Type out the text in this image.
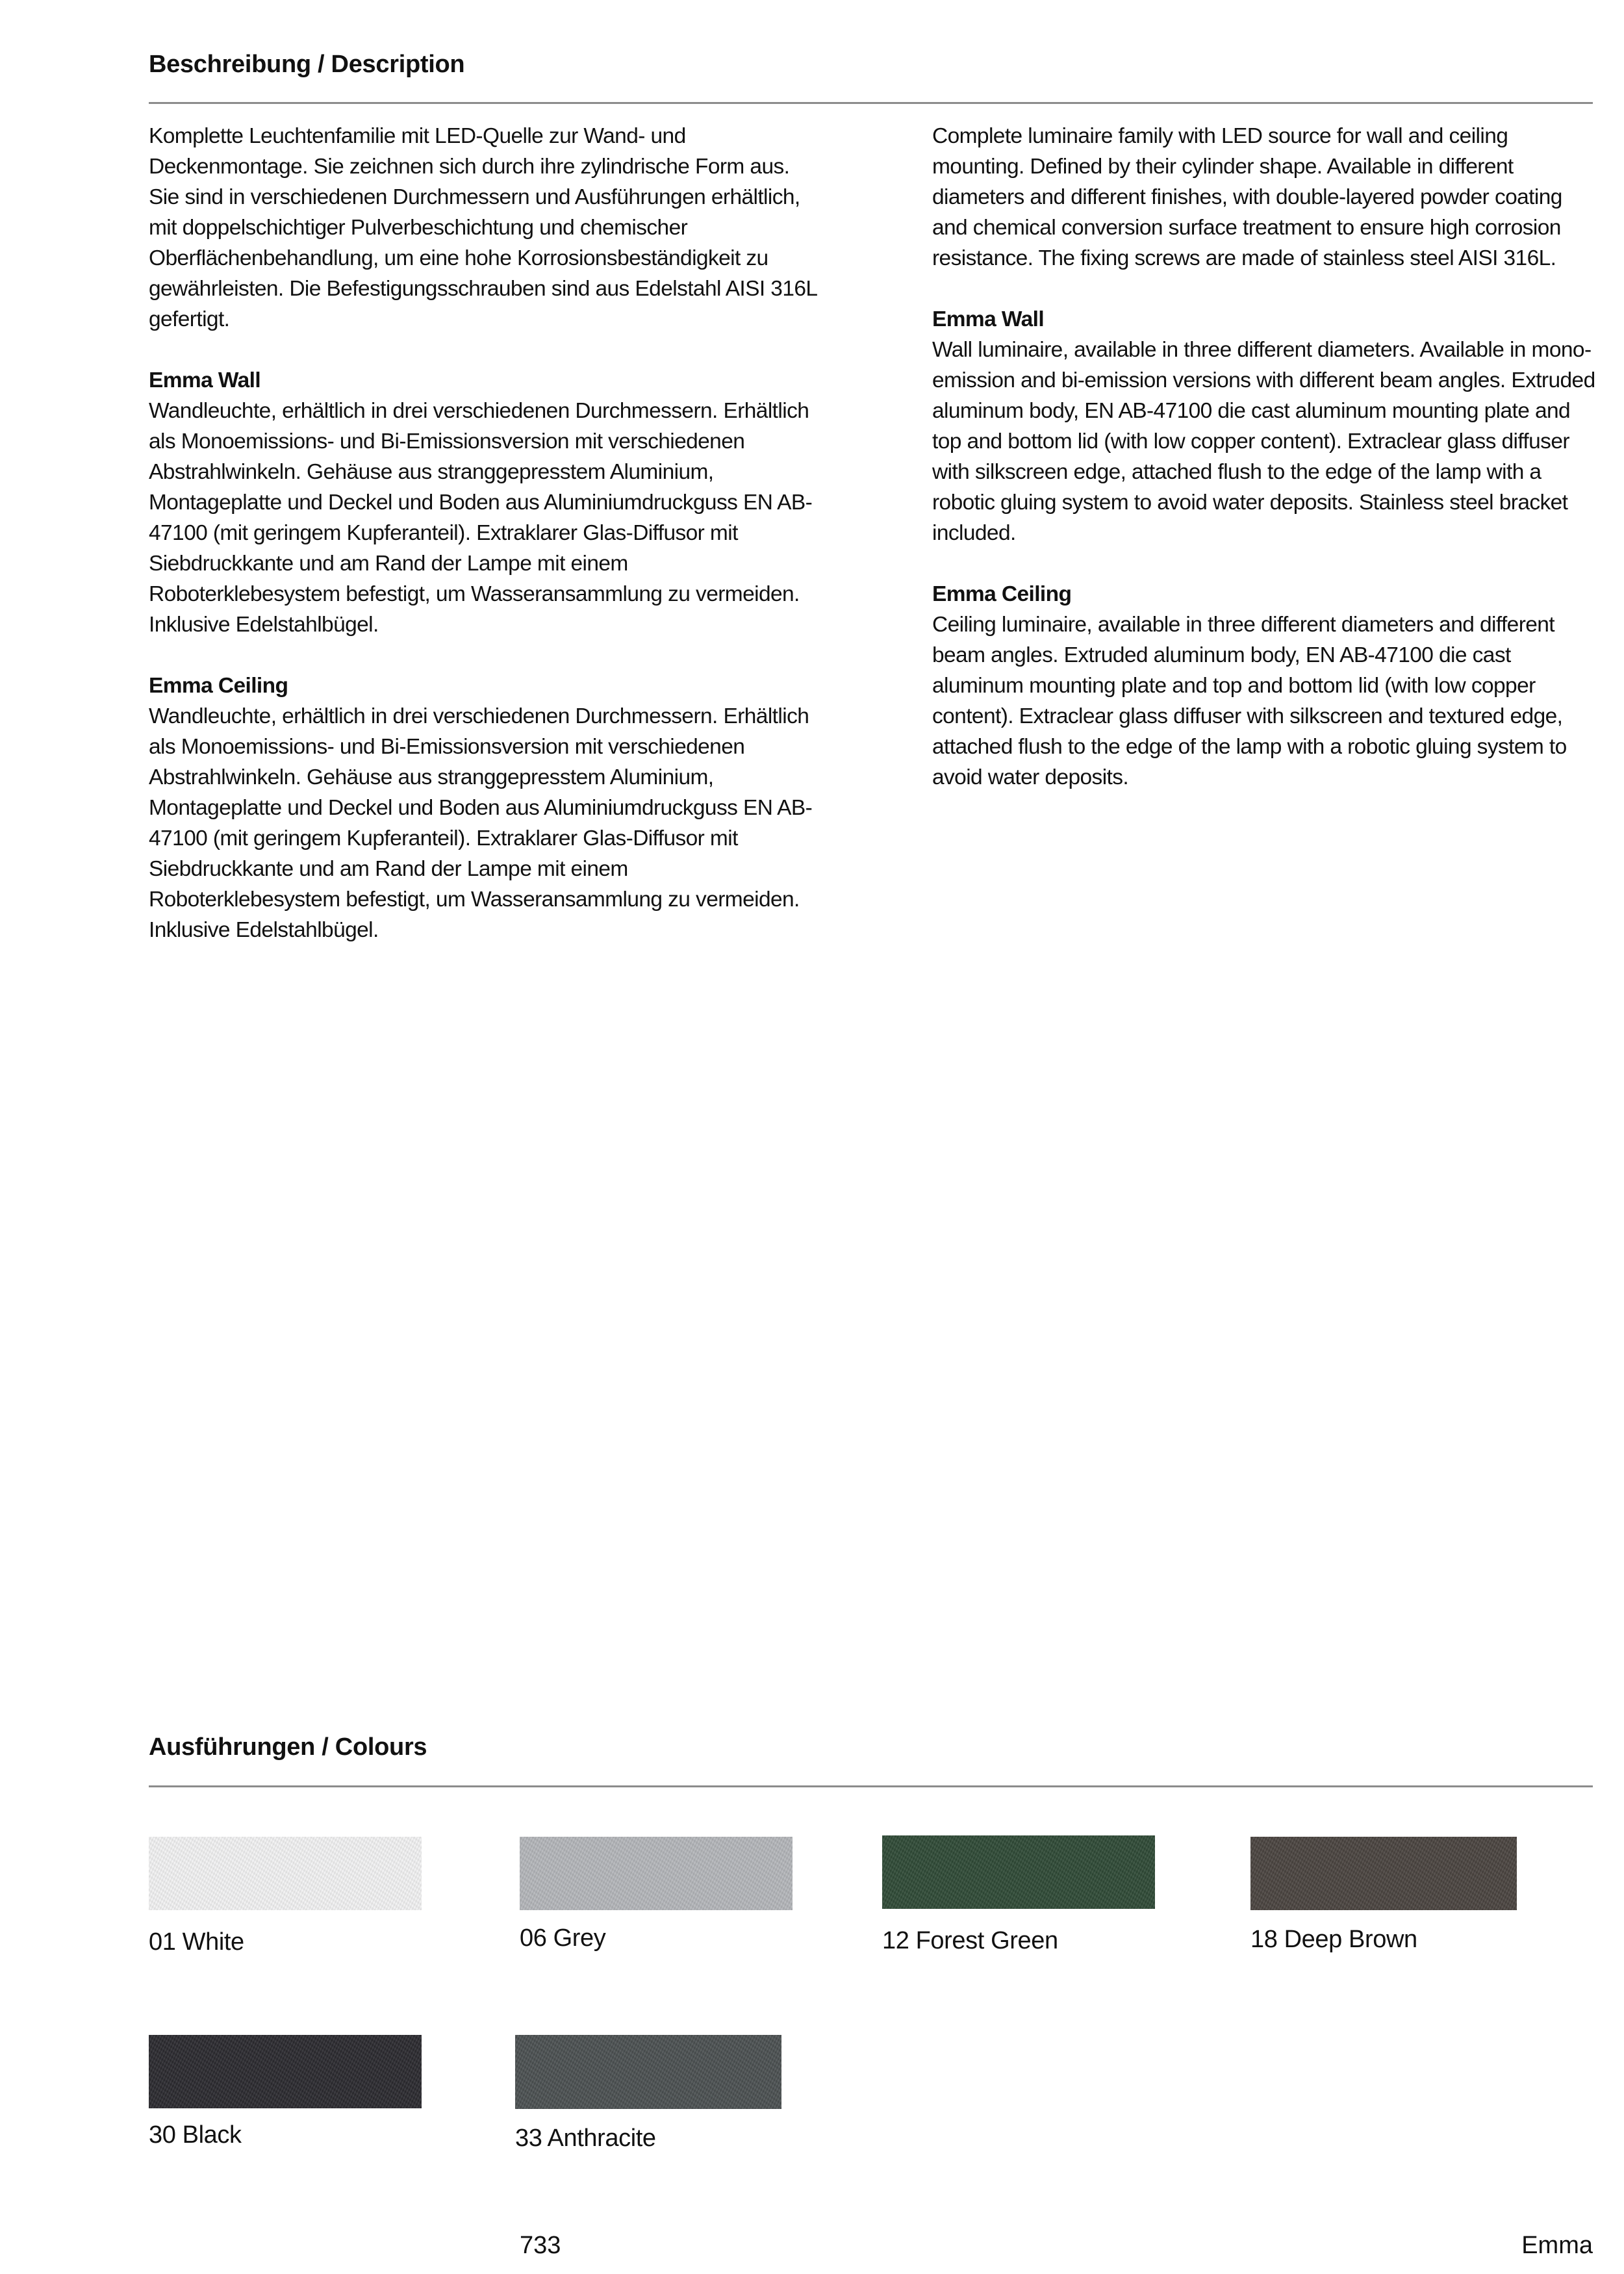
Beschreibung / Description

Komplette Leuchtenfamilie mit LED-Quelle zur Wand- und Deckenmontage. Sie zeichnen sich durch ihre zylindrische Form aus. Sie sind in verschiedenen Durchmessern und Ausführungen erhältlich, mit doppelschichtiger Pulverbeschichtung und chemischer Oberflächenbehandlung, um eine hohe Korrosionsbeständigkeit zu gewährleisten. Die Befestigungsschrauben sind aus Edelstahl AISI 316L gefertigt.

Emma Wall
Wandleuchte, erhältlich in drei verschiedenen Durchmessern. Erhältlich als Monoemissions- und Bi-Emissionsversion mit verschiedenen Abstrahlwinkeln. Gehäuse aus stranggepresstem Aluminium, Montageplatte und Deckel und Boden aus Aluminiumdruckguss EN AB-47100 (mit geringem Kupferanteil). Extraklarer Glas-Diffusor mit Siebdruckkante und am Rand der Lampe mit einem Roboterklebesystem befestigt, um Wasseransammlung zu vermeiden. Inklusive Edelstahlbügel.

Emma Ceiling
Wandleuchte, erhältlich in drei verschiedenen Durchmessern. Erhältlich als Monoemissions- und Bi-Emissionsversion mit verschiedenen Abstrahlwinkeln. Gehäuse aus stranggepresstem Aluminium, Montageplatte und Deckel und Boden aus Aluminiumdruckguss EN AB-47100 (mit geringem Kupferanteil). Extraklarer Glas-Diffusor mit Siebdruckkante und am Rand der Lampe mit einem Roboterklebesystem befestigt, um Wasseransammlung zu vermeiden. Inklusive Edelstahlbügel.

Complete luminaire family with LED source for wall and ceiling mounting. Defined by their cylinder shape. Available in different diameters and different finishes, with double-layered powder coating and chemical conversion surface treatment to ensure high corrosion resistance. The fixing screws are made of stainless steel AISI 316L.

Emma Wall
Wall luminaire, available in three different diameters. Available in mono-emission and bi-emission versions with different beam angles. Extruded aluminum body, EN AB-47100 die cast aluminum mounting plate and top and bottom lid (with low copper content). Extraclear glass diffuser with silkscreen edge, attached flush to the edge of the lamp with a robotic gluing system to avoid water deposits. Stainless steel bracket included.

Emma Ceiling
Ceiling luminaire, available in three different diameters and different beam angles. Extruded aluminum body, EN AB-47100 die cast aluminum mounting plate and top and bottom lid (with low copper content). Extraclear glass diffuser with silkscreen and textured edge, attached flush to the edge of the lamp with a robotic gluing system to avoid water deposits.

Ausführungen / Colours
01 White	06 Grey	12 Forest Green	18 Deep Brown
30 Black	33 Anthracite
733	Emma
